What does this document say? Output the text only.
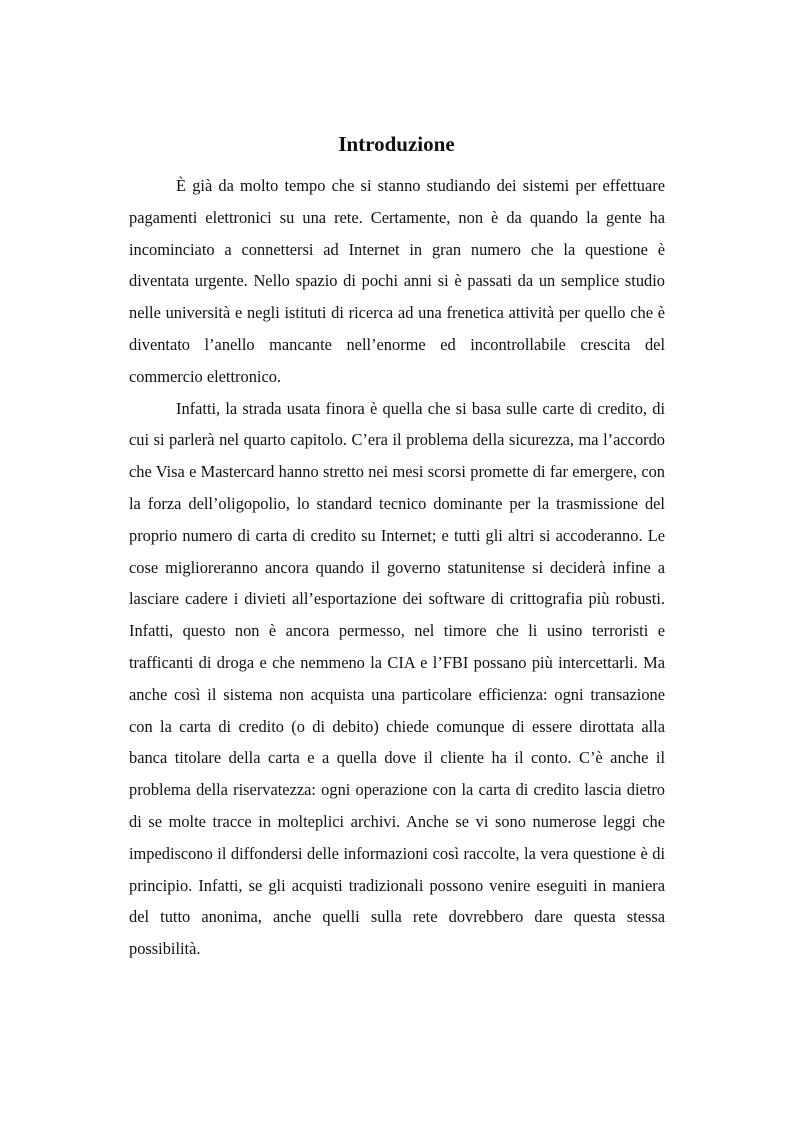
Introduzione

È già da molto tempo che si stanno studiando dei sistemi per effettuare pagamenti elettronici su una rete. Certamente, non è da quando la gente ha incominciato a connettersi ad Internet in gran numero che la questione è diventata urgente. Nello spazio di pochi anni si è passati da un semplice studio nelle università e negli istituti di ricerca ad una frenetica attività per quello che è diventato l’anello mancante nell’enorme ed incontrollabile crescita del commercio elettronico.

Infatti, la strada usata finora è quella che si basa sulle carte di credito, di cui si parlerà nel quarto capitolo. C’era il problema della sicurezza, ma l’accordo che Visa e Mastercard hanno stretto nei mesi scorsi promette di far emergere, con la forza dell’oligopolio, lo standard tecnico dominante per la trasmissione del proprio numero di carta di credito su Internet; e tutti gli altri si accoderanno. Le cose miglioreranno ancora quando il governo statunitense si deciderà infine a lasciare cadere i divieti all’esportazione dei software di crittografia più robusti. Infatti, questo non è ancora permesso, nel timore che li usino terroristi e trafficanti di droga e che nemmeno la CIA e l’FBI possano più intercettarli. Ma anche così il sistema non acquista una particolare efficienza: ogni transazione con la carta di credito (o di debito) chiede comunque di essere dirottata alla banca titolare della carta e a quella dove il cliente ha il conto. C’è anche il problema della riservatezza: ogni operazione con la carta di credito lascia dietro di se molte tracce in molteplici archivi. Anche se vi sono numerose leggi che impediscono il diffondersi delle informazioni così raccolte, la vera questione è di principio. Infatti, se gli acquisti tradizionali possono venire eseguiti in maniera del tutto anonima, anche quelli sulla rete dovrebbero dare questa stessa possibilità.
